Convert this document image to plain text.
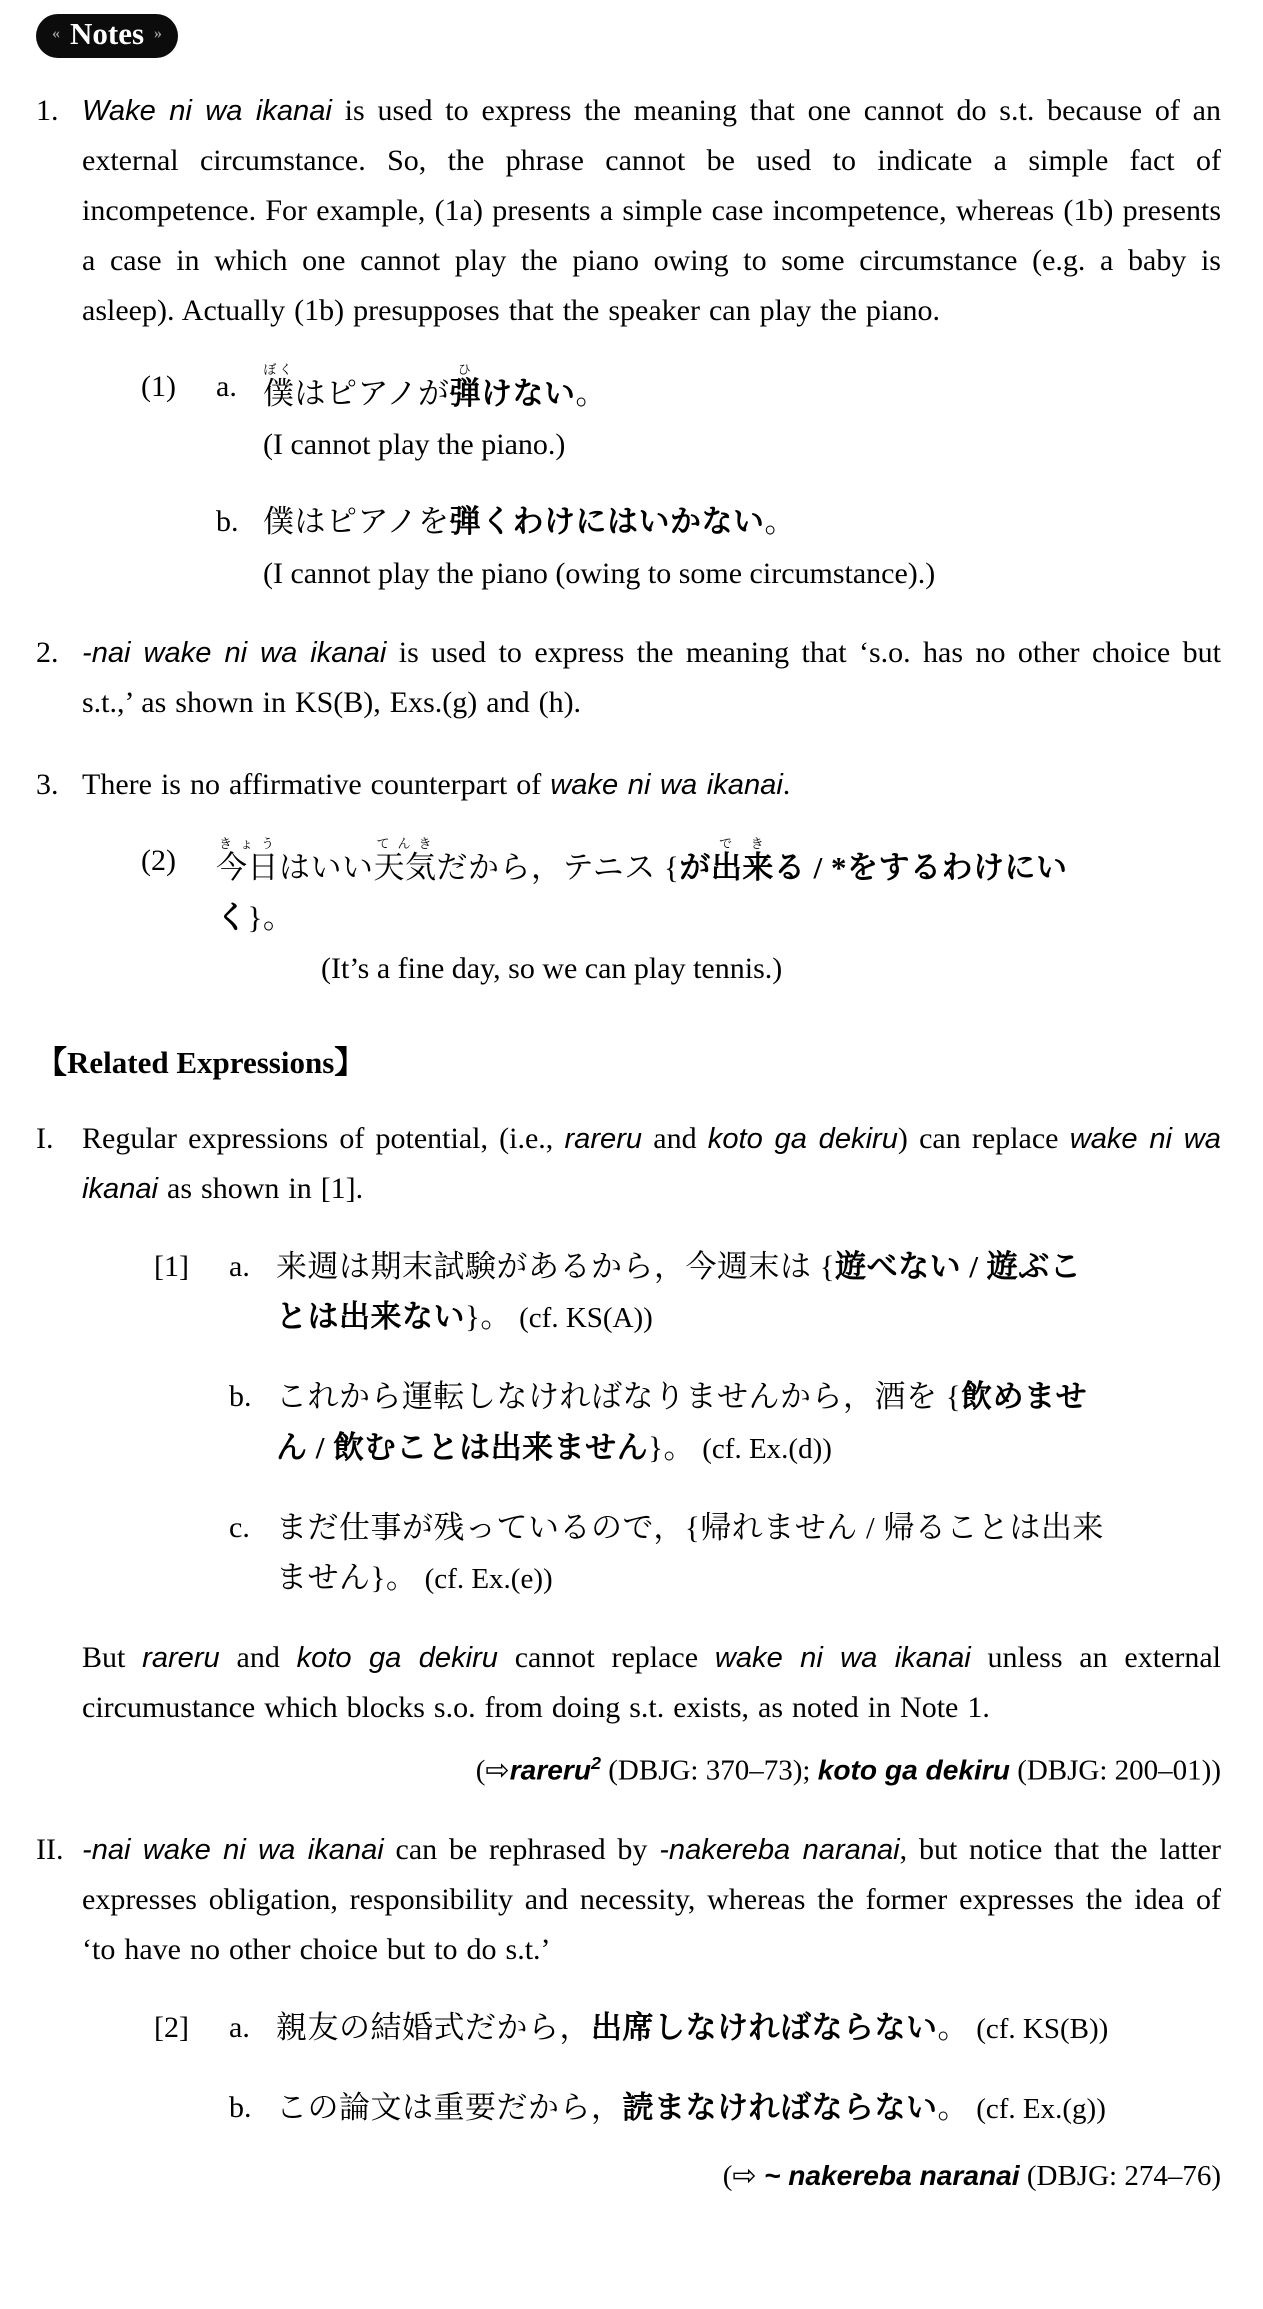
« Notes »
1. Wake ni wa ikanai is used to express the meaning that one cannot do s.t. because of an external circumstance. So, the phrase cannot be used to indicate a simple fact of incompetence. For example, (1a) presents a simple case incompetence, whereas (1b) presents a case in which one cannot play the piano owing to some circumstance (e.g. a baby is asleep). Actually (1b) presupposes that the speaker can play the piano.
(1)	a. 僕ぼくはピアノが弾ひけない。
(I cannot play the piano.)
b. 僕はピアノを弾くわけにはいかない。
(I cannot play the piano (owing to some circumstance).)
2. -nai wake ni wa ikanai is used to express the meaning that ‘s.o. has no other choice but s.t.,’ as shown in KS(B), Exs.(g) and (h).
3. There is no affirmative counterpart of wake ni wa ikanai.
(2)	今日きょうはいい天気てんきだから，テニス {が出来できる / *をするわけにい
く}。
(It’s a fine day, so we can play tennis.)
【Related Expressions】
I. Regular expressions of potential, (i.e., rareru and koto ga dekiru) can replace wake ni wa ikanai as shown in [1].
[1]	a. 来週は期末試験があるから，今週末は {遊べない / 遊ぶこ
とは出来ない}。 (cf. KS(A))
b. これから運転しなければなりませんから，酒を {飲めませ
ん / 飲むことは出来ません}。 (cf. Ex.(d))
c. まだ仕事が残っているので，{帰れません / 帰ることは出来
ません}。 (cf. Ex.(e))
But rareru and koto ga dekiru cannot replace wake ni wa ikanai unless an external circumustance which blocks s.o. from doing s.t. exists, as noted in Note 1.
(⇨rareru$^2$ (DBJG: 370–73); koto ga dekiru (DBJG: 200–01))
II. -nai wake ni wa ikanai can be rephrased by -nakereba naranai, but notice that the latter expresses obligation, responsibility and necessity, whereas the former expresses the idea of ‘to have no other choice but to do s.t.’
[2]	a. 親友の結婚式だから，出席しなければならない。 (cf. KS(B))
b. この論文は重要だから，読まなければならない。 (cf. Ex.(g))
(⇨ ~ nakereba naranai (DBJG: 274–76)
